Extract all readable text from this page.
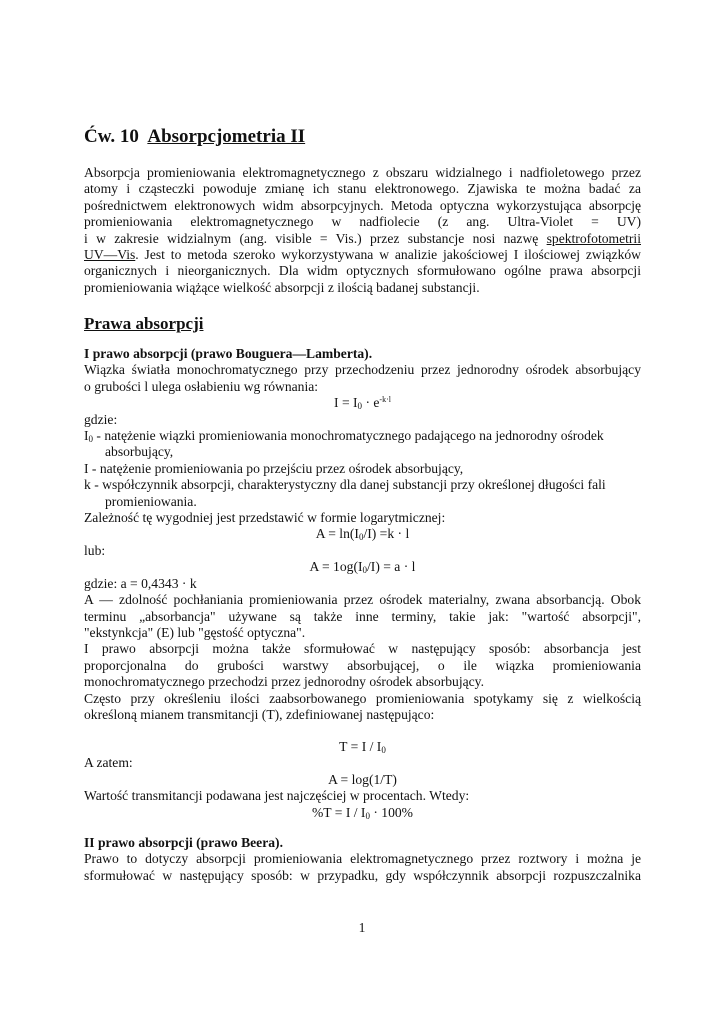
Ćw. 10 Absorpcjometria II

Absorpcja promieniowania elektromagnetycznego z obszaru widzialnego i nadfioletowego przez

atomy i cząsteczki powoduje zmianę ich stanu elektronowego. Zjawiska te można badać za

pośrednictwem elektronowych widm absorpcyjnych. Metoda optyczna wykorzystująca absorpcję

promieniowania elektromagnetycznego w nadfiolecie (z ang. Ultra-Violet = UV)

i w zakresie widzialnym (ang. visible = Vis.) przez substancje nosi nazwę spektrofotometrii

UV—Vis. Jest to metoda szeroko wykorzystywana w analizie jakościowej I ilościowej związków

organicznych i nieorganicznych. Dla widm optycznych sformułowano ogólne prawa absorpcji

promieniowania wiążące wielkość absorpcji z ilością badanej substancji.

Prawa absorpcji

I prawo absorpcji (prawo Bouguera—Lamberta).

Wiązka światła monochromatycznego przy przechodzeniu przez jednorodny ośrodek absorbujący

o grubości l ulega osłabieniu wg równania:

$I = I_0 \cdot e^{-k\cdot l}$

gdzie:

$I_0$ - natężenie wiązki promieniowania monochromatycznego padającego na jednorodny ośrodek absorbujący,

I - natężenie promieniowania po przejściu przez ośrodek absorbujący,

k - współczynnik absorpcji, charakterystyczny dla danej substancji przy określonej długości fali promieniowania.

Zależność tę wygodniej jest przedstawić w formie logarytmicznej:

$A = \ln(I_0/I) =k \cdot l$

lub:

$A = 1og(I_0/I) = a \cdot l$

gdzie: a = 0,4343 · k

A — zdolność pochłaniania promieniowania przez ośrodek materialny, zwana absorbancją. Obok

terminu „absorbancja" używane są także inne terminy, takie jak: "wartość absorpcji",

"ekstynkcja" (E) lub "gęstość optyczna".

I prawo absorpcji można także sformułować w następujący sposób: absorbancja jest

proporcjonalna do grubości warstwy absorbującej, o ile wiązka promieniowania

monochromatycznego przechodzi przez jednorodny ośrodek absorbujący.

Często przy określeniu ilości zaabsorbowanego promieniowania spotykamy się z wielkością

określoną mianem transmitancji (T), zdefiniowanej następująco:

$T = I / I_0$

A zatem:

A = log(1/T)

Wartość transmitancji podawana jest najczęściej w procentach. Wtedy:

$\%T = I / I_0 \cdot 100\%$

II prawo absorpcji (prawo Beera).

Prawo to dotyczy absorpcji promieniowania elektromagnetycznego przez roztwory i można je

sformułować w następujący sposób: w przypadku, gdy współczynnik absorpcji rozpuszczalnika

1
